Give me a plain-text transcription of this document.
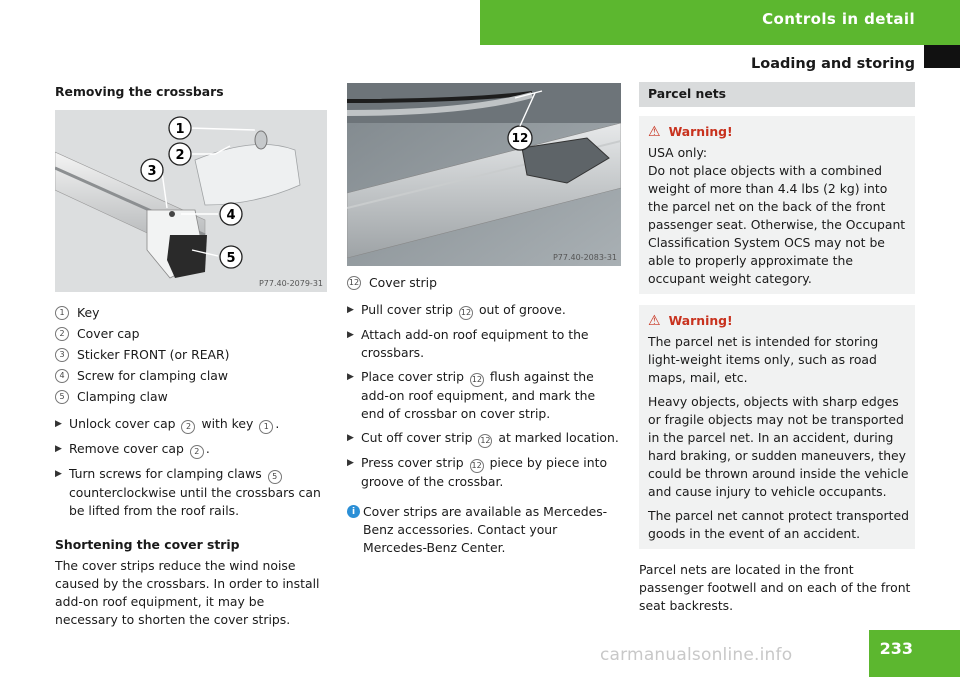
Controls in detail
Loading and storing
Removing the crossbars
1
2
3
4
5
P77.40-2079-31
1	Key
2	Cover cap
3	Sticker FRONT (or REAR)
4	Screw for clamping claw
5	Clamping claw
▶ Unlock cover cap 2 with key 1 .
▶ Remove cover cap 2 .
▶ Turn screws for clamping claws 5 counterclockwise until the crossbars can be lifted from the roof rails.
Shortening the cover strip

The cover strips reduce the wind noise caused by the crossbars. In order to install add-on roof equipment, it may be necessary to shorten the cover strips.

12
P77.40-2083-31
12 Cover strip
▶ Pull cover strip 12 out of groove.
▶ Attach add-on roof equipment to the crossbars.
▶ Place cover strip 12 flush against the add-on roof equipment, and mark the end of crossbar on cover strip.
▶ Cut off cover strip 12 at marked location.
▶ Press cover strip 12 piece by piece into groove of the crossbar.
i Cover strips are available as Mercedes-Benz accessories. Contact your Mercedes-Benz Center.
Parcel nets
⚠ Warning!

USA only:

Do not place objects with a combined weight of more than 4.4 lbs (2 kg) into the parcel net on the back of the front passenger seat. Otherwise, the Occupant Classification System OCS may not be able to properly approximate the occupant weight category.

⚠ Warning!

The parcel net is intended for storing light-weight items only, such as road maps, mail, etc.

Heavy objects, objects with sharp edges or fragile objects may not be transported in the parcel net. In an accident, during hard braking, or sudden maneuvers, they could be thrown around inside the vehicle and cause injury to vehicle occupants.

The parcel net cannot protect transported goods in the event of an accident.

Parcel nets are located in the front passenger footwell and on each of the front seat backrests.

233
carmanualsonline.info
